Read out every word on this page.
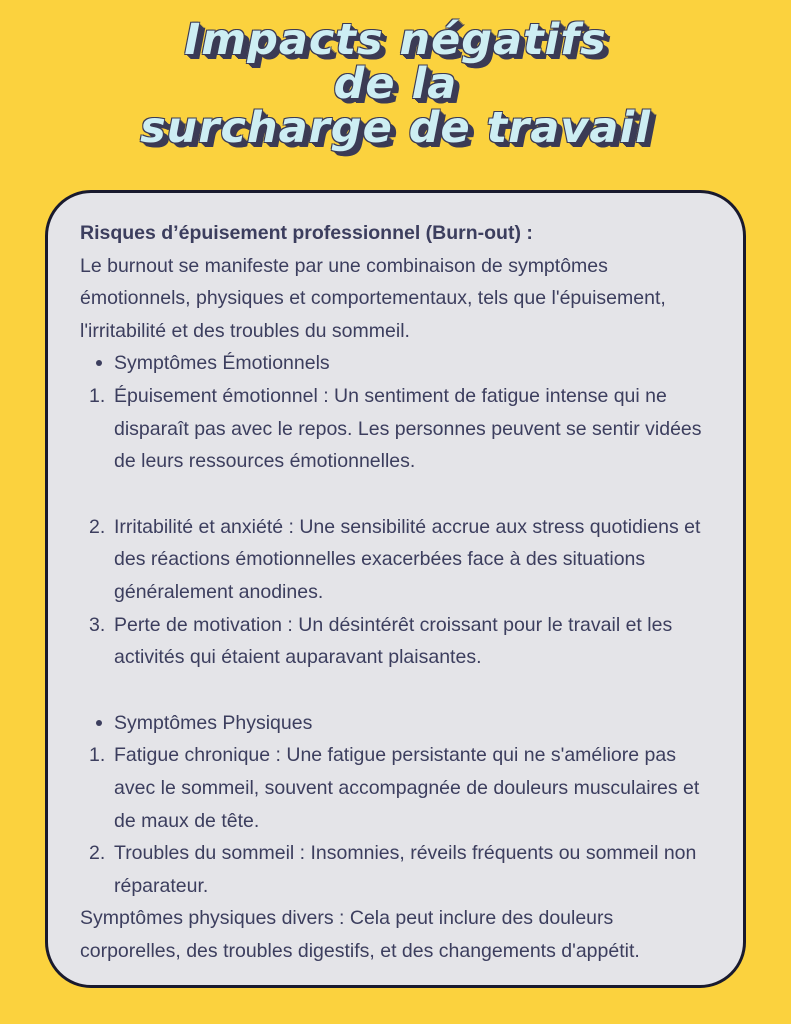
Impacts négatifs
de la
surcharge de travail
Risques d’épuisement professionnel (Burn-out) :
Le burnout se manifeste par une combinaison de symptômes émotionnels, physiques et comportementaux, tels que l'épuisement, l'irritabilité et des troubles du sommeil.
Symptômes Émotionnels
1. Épuisement émotionnel : Un sentiment de fatigue intense qui ne disparaît pas avec le repos. Les personnes peuvent se sentir vidées de leurs ressources émotionnelles.
2. Irritabilité et anxiété : Une sensibilité accrue aux stress quotidiens et des réactions émotionnelles exacerbées face à des situations généralement anodines.
3. Perte de motivation : Un désintérêt croissant pour le travail et les activités qui étaient auparavant plaisantes.
Symptômes Physiques
1. Fatigue chronique : Une fatigue persistante qui ne s'améliore pas avec le sommeil, souvent accompagnée de douleurs musculaires et de maux de tête.
2. Troubles du sommeil : Insomnies, réveils fréquents ou sommeil non réparateur.
Symptômes physiques divers : Cela peut inclure des douleurs corporelles, des troubles digestifs, et des changements d'appétit.
